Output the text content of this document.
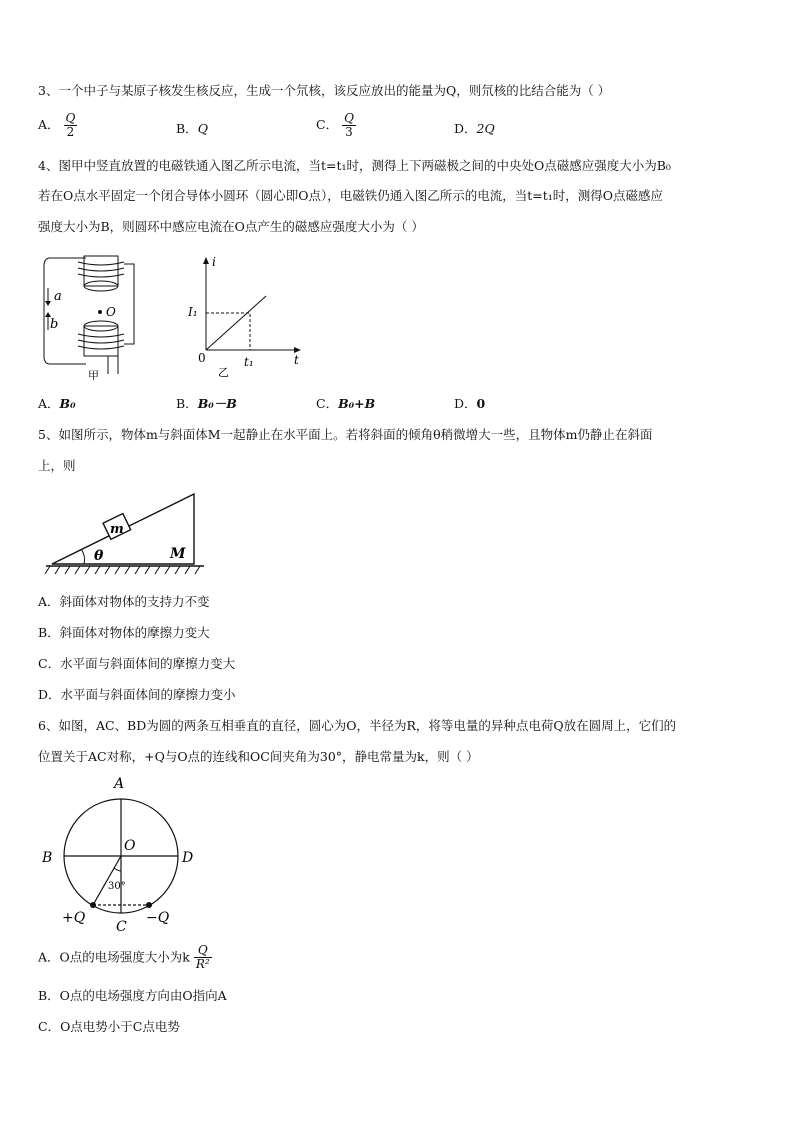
3、一个中子与某原子核发生核反应，生成一个氘核，该反应放出的能量为Q，则氘核的比结合能为（ ）
A． $\frac{Q}{2}$	B．Q	C． $\frac{Q}{3}$	D．2Q
4、图甲中竖直放置的电磁铁通入图乙所示电流，当t=t₁时，测得上下两磁极之间的中央处O点磁感应强度大小为B₀
若在O点水平固定一个闭合导体小圆环（圆心即O点），电磁铁仍通入图乙所示的电流，当t=t₁时，测得O点磁感应
强度大小为B，则圆环中感应电流在O点产生的磁感应强度大小为（ ）
a
b
O
甲
i
t
I₁
t₁
0
乙
A．B₀	B．B₀－B	C．B₀+B	D．0
5、如图所示，物体m与斜面体M一起静止在水平面上。若将斜面的倾角θ稍微增大一些，且物体m仍静止在斜面
上，则
m
θ	M
A．斜面体对物体的支持力不变
B．斜面体对物体的摩擦力变大
C．水平面与斜面体间的摩擦力变大
D．水平面与斜面体间的摩擦力变小
6、如图，AC、BD为圆的两条互相垂直的直径，圆心为O，半径为R，将等电量的异种点电荷Q放在圆周上，它们的
位置关于AC对称，+Q与O点的连线和OC间夹角为30°，静电常量为k，则（ ）
A
B	D
O
C
30°
+Q	−Q
A．O点的电场强度大小为k $\frac{Q}{\text{R²}}$
B．O点的电场强度方向由O指向A
C．O点电势小于C点电势
